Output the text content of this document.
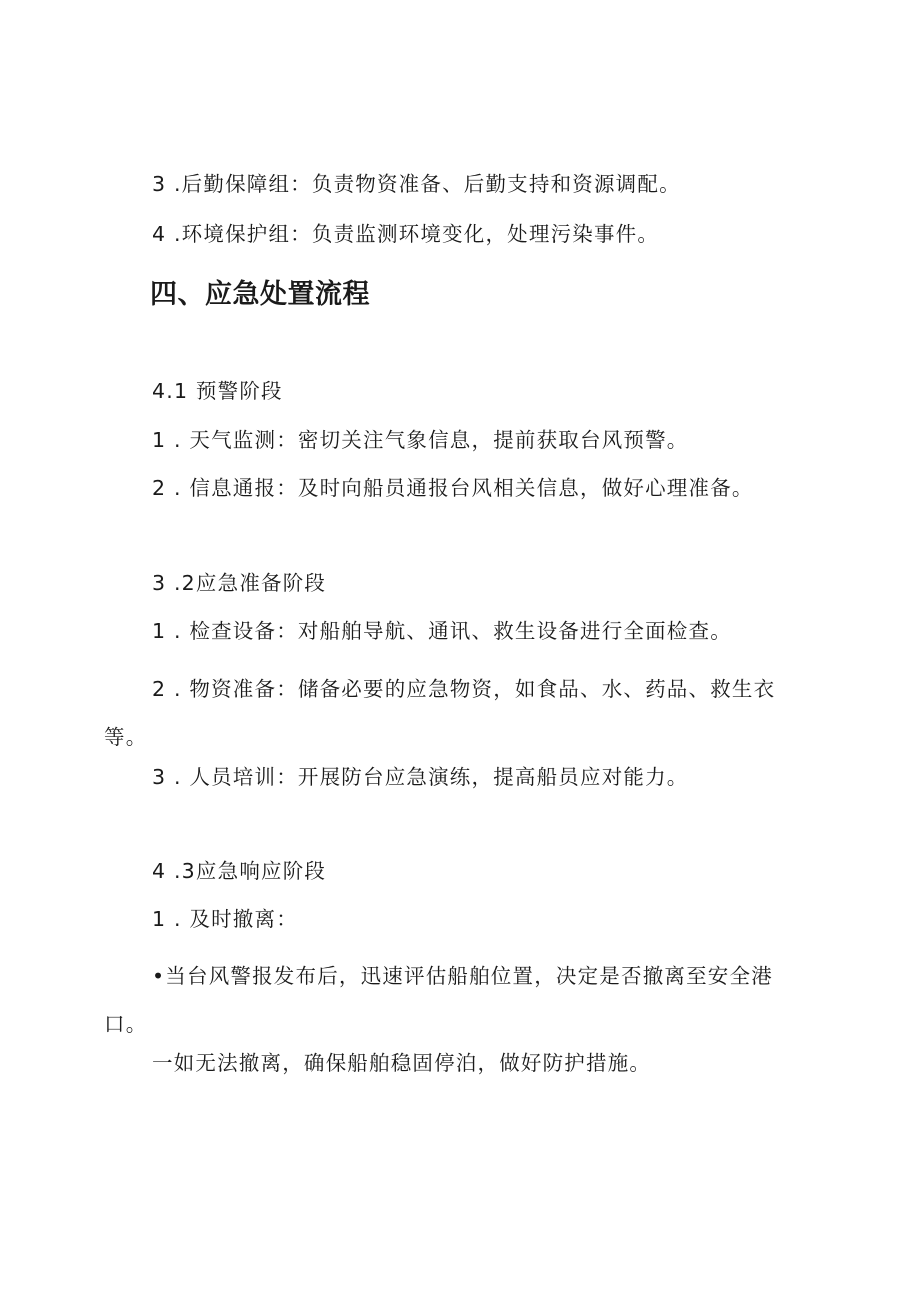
3 .后勤保障组：负责物资准备、后勤支持和资源调配。
4 .环境保护组：负责监测环境变化，处理污染事件。
四、应急处置流程
4.1 预警阶段
1 . 天气监测：密切关注气象信息，提前获取台风预警。
2 . 信息通报：及时向船员通报台风相关信息，做好心理准备。
3 .2应急准备阶段
1 . 检查设备：对船舶导航、通讯、救生设备进行全面检查。
2 . 物资准备：储备必要的应急物资，如食品、水、药品、救生衣等。
3 . 人员培训：开展防台应急演练，提高船员应对能力。
4 .3应急响应阶段
1 . 及时撤离：
•当台风警报发布后，迅速评估船舶位置，决定是否撤离至安全港口。
一如无法撤离，确保船舶稳固停泊，做好防护措施。
